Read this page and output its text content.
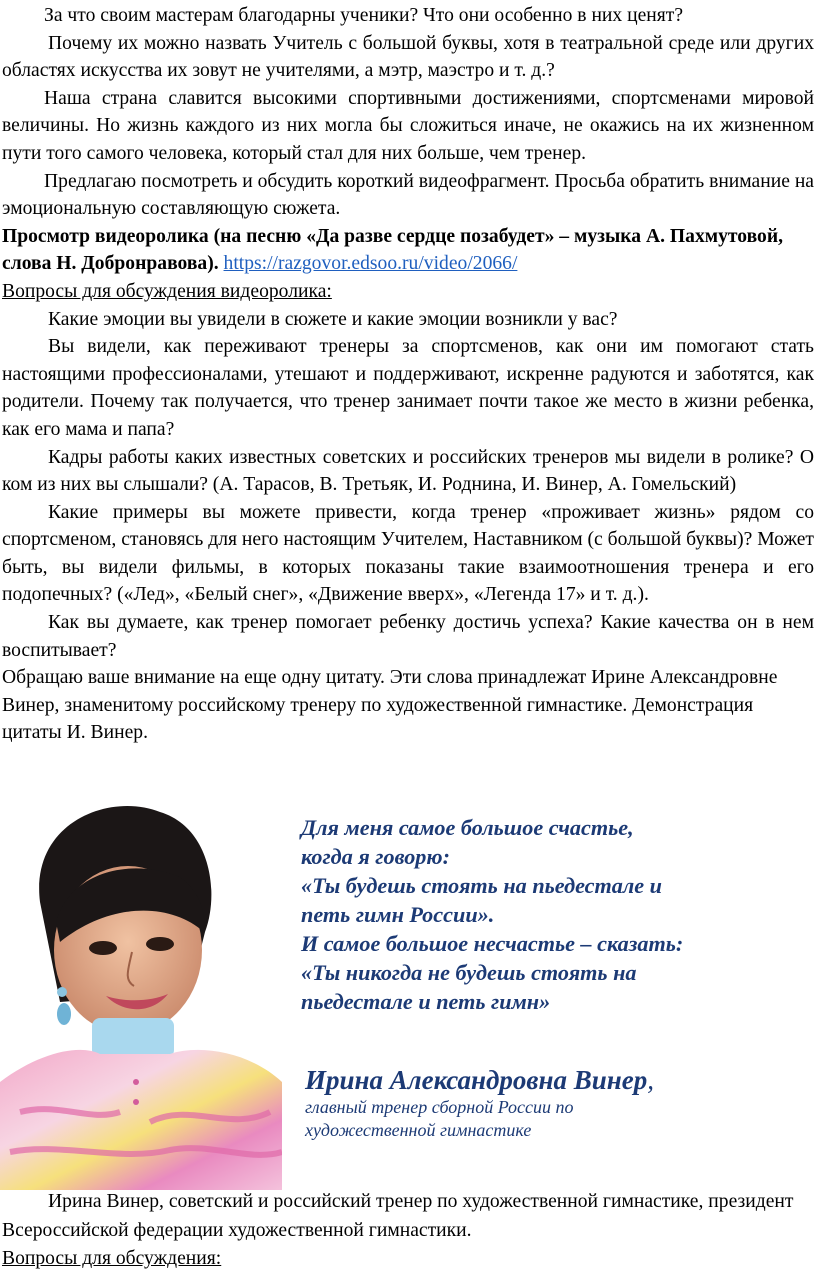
За что своим мастерам благодарны ученики? Что они особенно в них ценят?

Почему их можно назвать Учитель с большой буквы, хотя в театральной среде или других областях искусства их зовут не учителями, а мэтр, маэстро и т. д.?

Наша страна славится высокими спортивными достижениями, спортсменами мировой величины. Но жизнь каждого из них могла бы сложиться иначе, не окажись на их жизненном пути того самого человека, который стал для них больше, чем тренер.

Предлагаю посмотреть и обсудить короткий видеофрагмент. Просьба обратить внимание на эмоциональную составляющую сюжета.

Просмотр видеоролика (на песню «Да разве сердце позабудет» – музыка А. Пахмутовой, слова Н. Добронравова). https://razgovor.edsoo.ru/video/2066/

Вопросы для обсуждения видеоролика:

Какие эмоции вы увидели в сюжете и какие эмоции возникли у вас?

Вы видели, как переживают тренеры за спортсменов, как они им помогают стать настоящими профессионалами, утешают и поддерживают, искренне радуются и заботятся, как родители. Почему так получается, что тренер занимает почти такое же место в жизни ребенка, как его мама и папа?

Кадры работы каких известных советских и российских тренеров мы видели в ролике? О ком из них вы слышали? (А. Тарасов, В. Третьяк, И. Роднина, И. Винер, А. Гомельский)

Какие примеры вы можете привести, когда тренер «проживает жизнь» рядом со спортсменом, становясь для него настоящим Учителем, Наставником (с большой буквы)? Может быть, вы видели фильмы, в которых показаны такие взаимоотношения тренера и его подопечных? («Лед», «Белый снег», «Движение вверх», «Легенда 17» и т. д.).

Как вы думаете, как тренер помогает ребенку достичь успеха? Какие качества он в нем воспитывает?

Обращаю ваше внимание на еще одну цитату. Эти слова принадлежат Ирине Александровне Винер, знаменитому российскому тренеру по художественной гимнастике. Демонстрация цитаты И. Винер.

Для меня самое большое счастье,
когда я говорю:
«Ты будешь стоять на пьедестале и
петь гимн России».
И самое большое несчастье – сказать:
«Ты никогда не будешь стоять на
пьедестале и петь гимн»
Ирина Александровна Винер,
главный тренер сборной России по художественной гимнастике

Ирина Винер, советский и российский тренер по художественной гимнастике, президент Всероссийской федерации художественной гимнастики.

Вопросы для обсуждения:
